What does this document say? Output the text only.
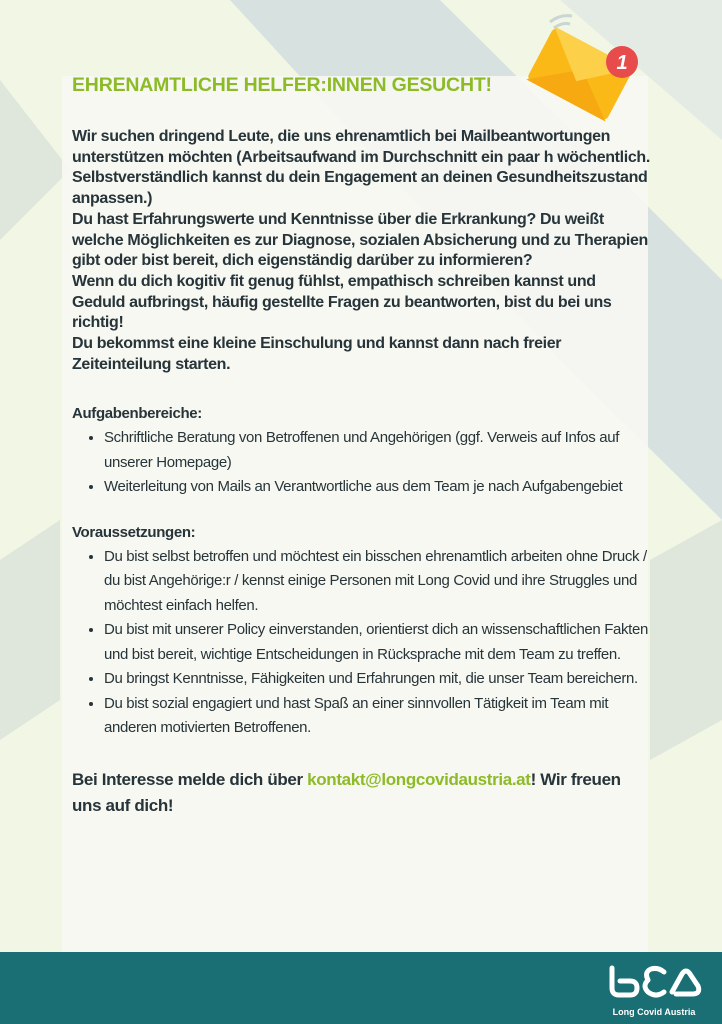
1
EHRENAMTLICHE HELFER:INNEN GESUCHT!

Wir suchen dringend Leute, die uns ehrenamtlich bei Mailbeantwortungen unterstützen möchten (Arbeitsaufwand im Durchschnitt ein paar h wöchentlich. Selbstverständlich kannst du dein Engagement an deinen Gesundheitszustand anpassen.)

Du hast Erfahrungswerte und Kenntnisse über die Erkrankung? Du weißt welche Möglichkeiten es zur Diagnose, sozialen Absicherung und zu Therapien gibt oder bist bereit, dich eigenständig darüber zu informieren?

Wenn du dich kogitiv fit genug fühlst, empathisch schreiben kannst und Geduld aufbringst, häufig gestellte Fragen zu beantworten, bist du bei uns richtig!

Du bekommst eine kleine Einschulung und kannst dann nach freier Zeiteinteilung starten.

Aufgabenbereiche:
• Schriftliche Beratung von Betroffenen und Angehörigen (ggf. Verweis auf Infos auf unserer Homepage)
• Weiterleitung von Mails an Verantwortliche aus dem Team je nach Aufgabengebiet
Voraussetzungen:
• Du bist selbst betroffen und möchtest ein bisschen ehrenamtlich arbeiten ohne Druck / du bist Angehörige:r / kennst einige Personen mit Long Covid und ihre Struggles und möchtest einfach helfen.
• Du bist mit unserer Policy einverstanden, orientierst dich an wissenschaftlichen Fakten und bist bereit, wichtige Entscheidungen in Rücksprache mit dem Team zu treffen.
• Du bringst Kenntnisse, Fähigkeiten und Erfahrungen mit, die unser Team bereichern.
• Du bist sozial engagiert und hast Spaß an einer sinnvollen Tätigkeit im Team mit anderen motivierten Betroffenen.
Bei Interesse melde dich über kontakt@longcovidaustria.at! Wir freuen uns auf dich!
Long Covid Austria
